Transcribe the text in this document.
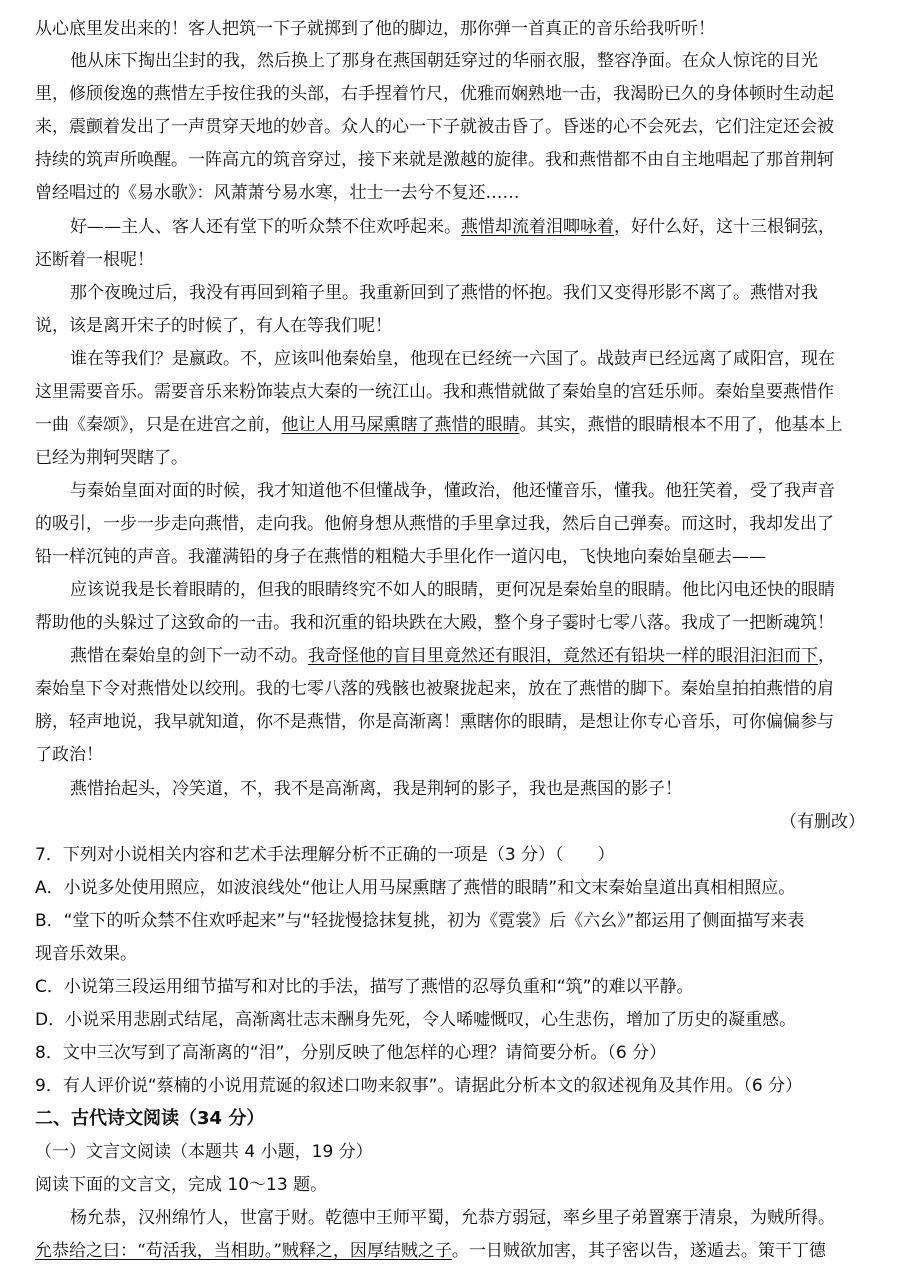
从心底里发出来的！客人把筑一下子就掷到了他的脚边，那你弹一首真正的音乐给我听听！
他从床下掏出尘封的我，然后换上了那身在燕国朝廷穿过的华丽衣服，整容净面。在众人惊诧的目光
里，修颀俊逸的燕惜左手按住我的头部，右手捏着竹尺，优雅而娴熟地一击，我渴盼已久的身体顿时生动起
来，震颤着发出了一声贯穿天地的妙音。众人的心一下子就被击昏了。昏迷的心不会死去，它们注定还会被
持续的筑声所唤醒。一阵高亢的筑音穿过，接下来就是激越的旋律。我和燕惜都不由自主地唱起了那首荆轲
曾经唱过的《易水歌》：风萧萧兮易水寒，壮士一去兮不复还……
好——主人、客人还有堂下的听众禁不住欢呼起来。燕惜却流着泪唧咏着，好什么好，这十三根铜弦，
还断着一根呢！
那个夜晚过后，我没有再回到箱子里。我重新回到了燕惜的怀抱。我们又变得形影不离了。燕惜对我
说，该是离开宋子的时候了，有人在等我们呢！
谁在等我们？是嬴政。不，应该叫他秦始皇，他现在已经统一六国了。战鼓声已经远离了咸阳宫，现在
这里需要音乐。需要音乐来粉饰装点大秦的一统江山。我和燕惜就做了秦始皇的宫廷乐师。秦始皇要燕惜作
一曲《秦颂》，只是在进宫之前，他让人用马屎熏瞎了燕惜的眼睛。其实，燕惜的眼睛根本不用了，他基本上
已经为荆轲哭瞎了。
与秦始皇面对面的时候，我才知道他不但懂战争，懂政治，他还懂音乐，懂我。他狂笑着，受了我声音
的吸引，一步一步走向燕惜，走向我。他俯身想从燕惜的手里拿过我，然后自己弹奏。而这时，我却发出了
铅一样沉钝的声音。我灌满铅的身子在燕惜的粗糙大手里化作一道闪电，飞快地向秦始皇砸去——
应该说我是长着眼睛的，但我的眼睛终究不如人的眼睛，更何况是秦始皇的眼睛。他比闪电还快的眼睛
帮助他的头躲过了这致命的一击。我和沉重的铅块跌在大殿，整个身子霎时七零八落。我成了一把断魂筑！
燕惜在秦始皇的剑下一动不动。我奇怪他的盲目里竟然还有眼泪，竟然还有铅块一样的眼泪汩汩而下，
秦始皇下令对燕惜处以绞刑。我的七零八落的残骸也被聚拢起来，放在了燕惜的脚下。秦始皇拍拍燕惜的肩
膀，轻声地说，我早就知道，你不是燕惜，你是高渐离！熏瞎你的眼睛，是想让你专心音乐，可你偏偏参与
了政治！
燕惜抬起头，冷笑道，不，我不是高渐离，我是荆轲的影子，我也是燕国的影子！
（有删改）
7．下列对小说相关内容和艺术手法理解分析不正确的一项是（3 分）（　　）
A．小说多处使用照应，如波浪线处“他让人用马屎熏瞎了燕惜的眼睛”和文末秦始皇道出真相相照应。
B．“堂下的听众禁不住欢呼起来”与“轻拢慢捻抹复挑，初为《霓裳》后《六幺》”都运用了侧面描写来表
现音乐效果。
C．小说第三段运用细节描写和对比的手法，描写了燕惜的忍辱负重和“筑”的难以平静。
D．小说采用悲剧式结尾，高渐离壮志未酬身先死，令人唏嘘慨叹，心生悲伤，增加了历史的凝重感。
8．文中三次写到了高渐离的“泪”，分别反映了他怎样的心理？请简要分析。（6 分）
9．有人评价说“蔡楠的小说用荒诞的叙述口吻来叙事”。请据此分析本文的叙述视角及其作用。（6 分）
二、古代诗文阅读（34 分）
（一）文言文阅读（本题共 4 小题，19 分）
阅读下面的文言文，完成 10～13 题。
杨允恭，汉州绵竹人，世富于财。乾德中王师平蜀，允恭方弱冠，率乡里子弟置寨于清泉，为贼所得。
允恭给之曰：“苟活我，当相助。”贼释之，因厚结贼之子。一日贼欲加害，其子密以告，遂遁去。策干丁德
